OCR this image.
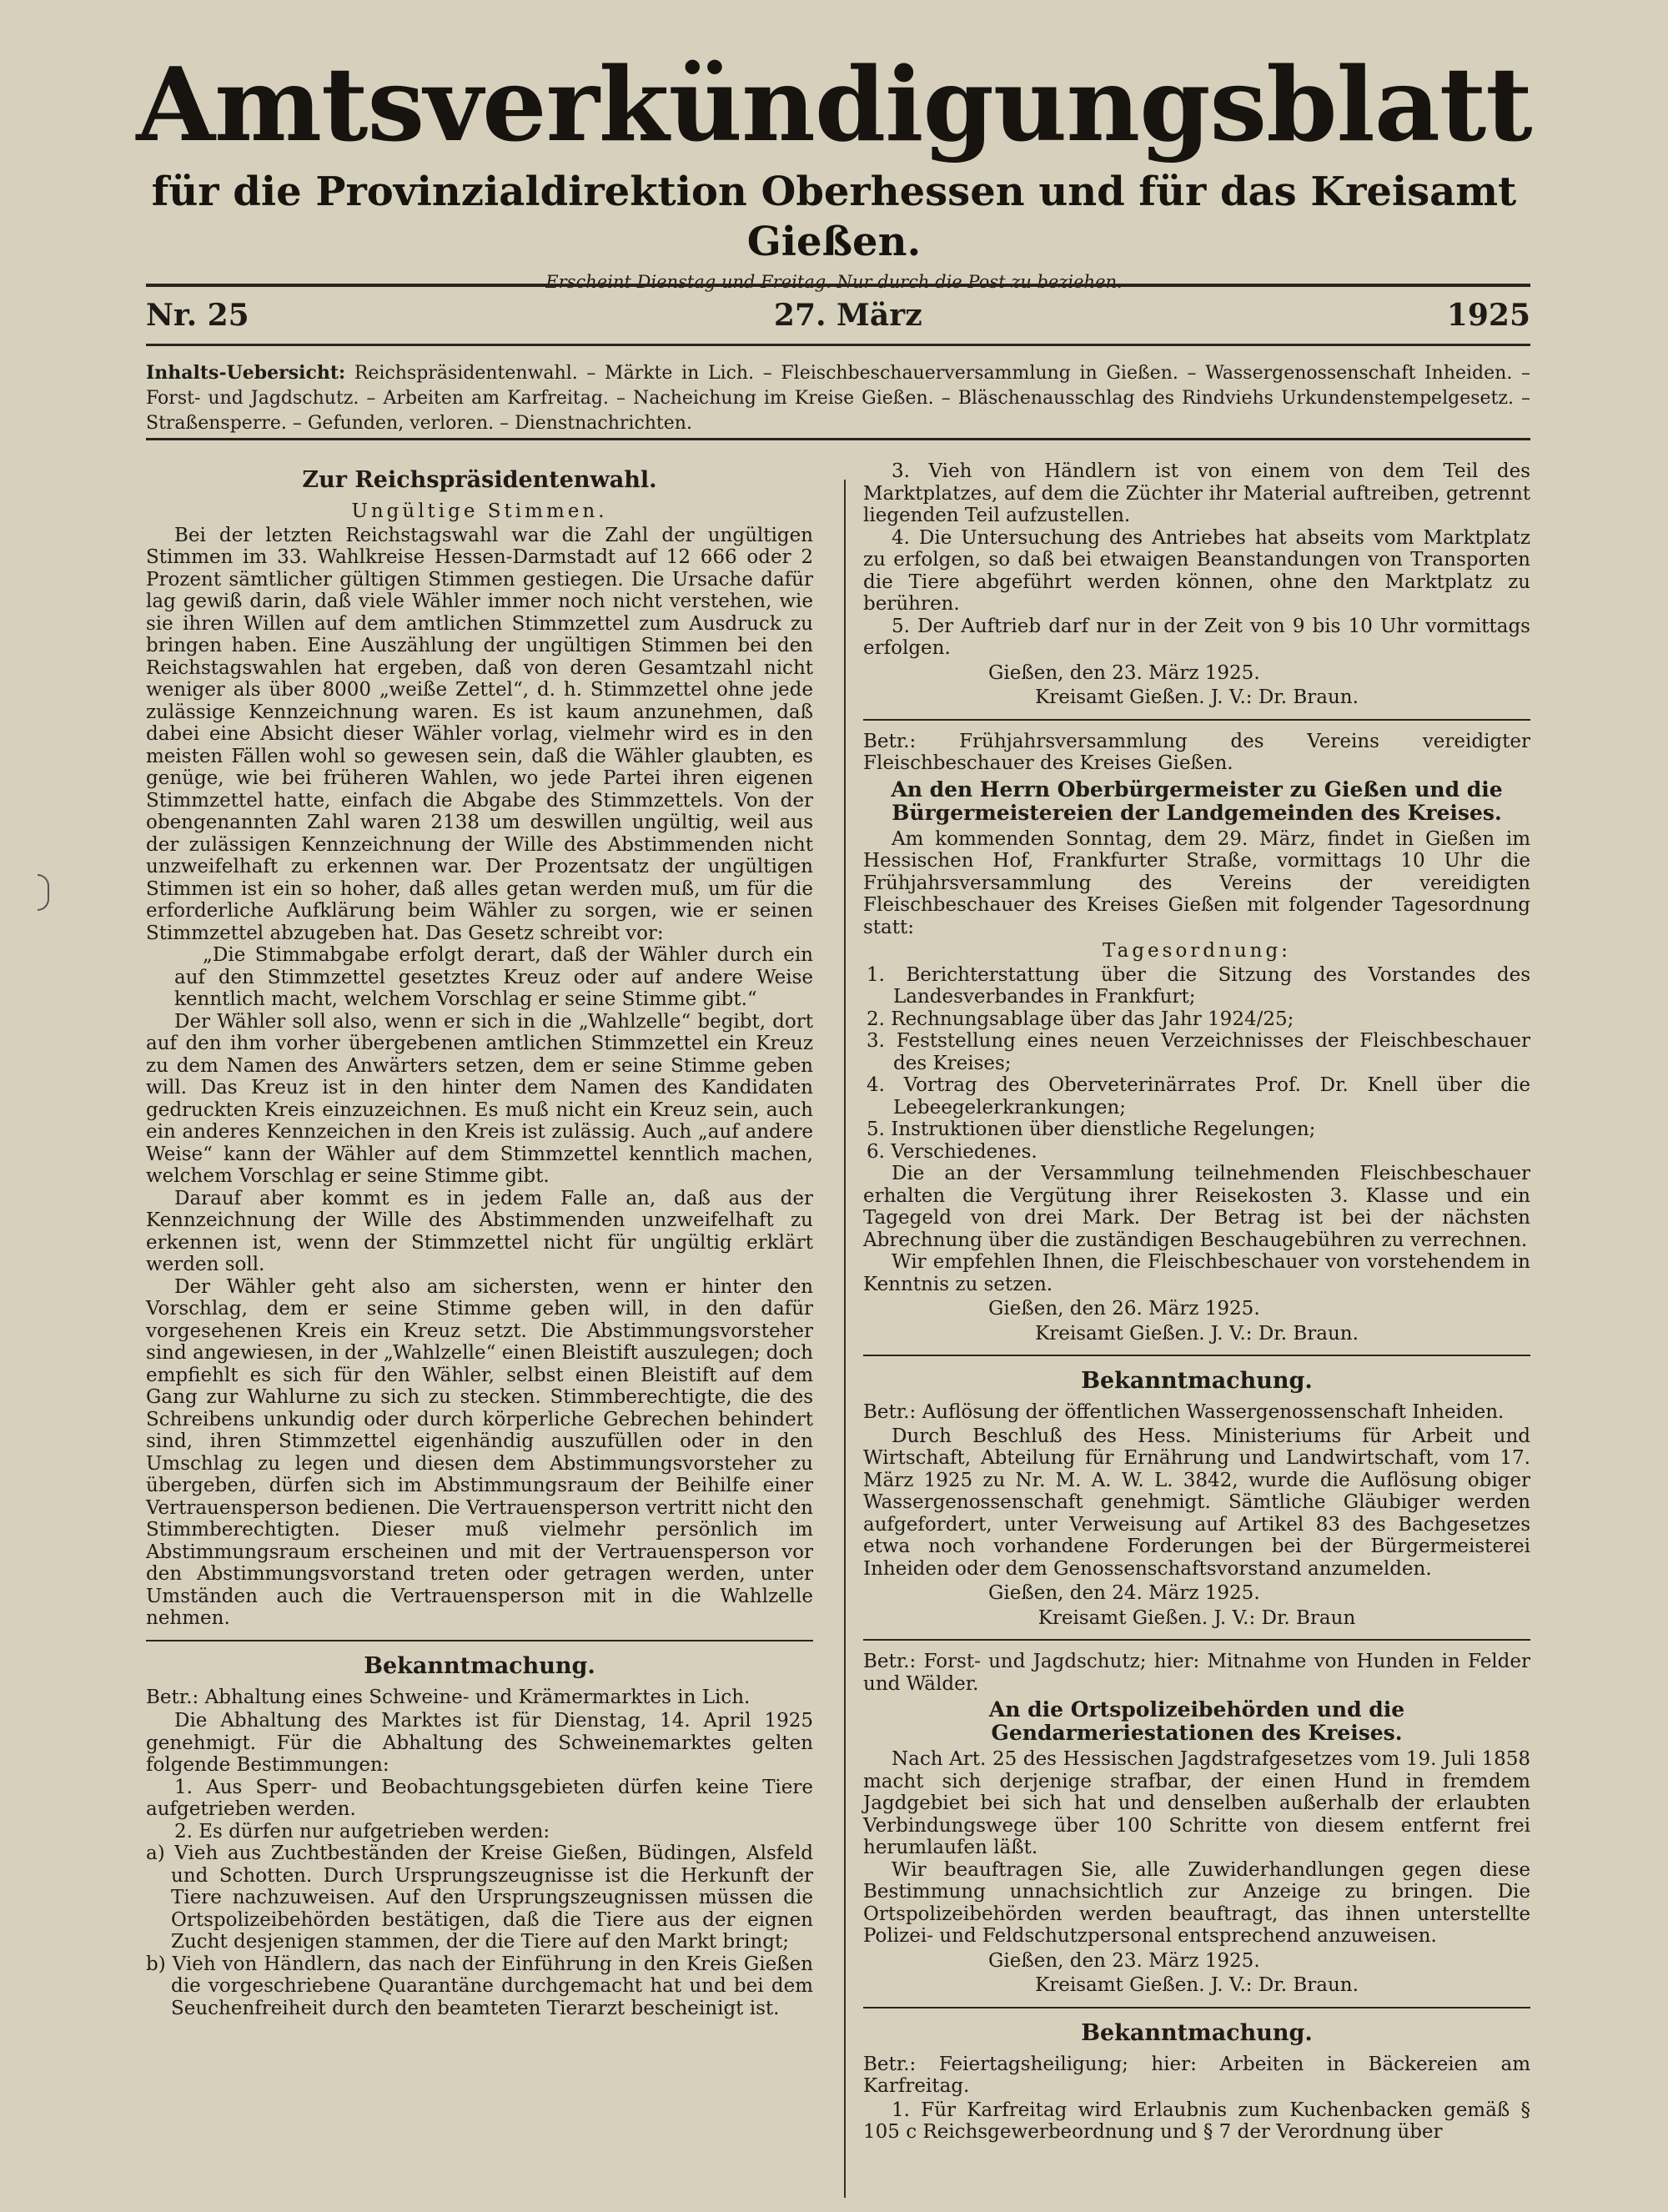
Amtsverkündigungsblatt
für die Provinzialdirektion Oberhessen und für das Kreisamt Gießen.
Erscheint Dienstag und Freitag. Nur durch die Post zu beziehen.
Nr. 25	27. März	1925
Inhalts-Uebersicht: Reichspräsidentenwahl. – Märkte in Lich. – Fleischbeschauerversammlung in Gießen. – Wassergenossenschaft Inheiden. – Forst- und Jagdschutz. – Arbeiten am Karfreitag. – Nacheichung im Kreise Gießen. – Bläschenausschlag des Rindviehs Urkundenstempelgesetz. – Straßensperre. – Gefunden, verloren. – Dienstnachrichten.
Zur Reichspräsidentenwahl.
Ungültige Stimmen.

Bei der letzten Reichstagswahl war die Zahl der ungültigen Stimmen im 33. Wahlkreise Hessen-Darmstadt auf 12 666 oder 2 Prozent sämtlicher gültigen Stimmen gestiegen. Die Ursache dafür lag gewiß darin, daß viele Wähler immer noch nicht verstehen, wie sie ihren Willen auf dem amtlichen Stimmzettel zum Ausdruck zu bringen haben. Eine Auszählung der ungültigen Stimmen bei den Reichstagswahlen hat ergeben, daß von deren Gesamtzahl nicht weniger als über 8000 „weiße Zettel“, d. h. Stimmzettel ohne jede zulässige Kennzeichnung waren. Es ist kaum anzunehmen, daß dabei eine Absicht dieser Wähler vorlag, vielmehr wird es in den meisten Fällen wohl so gewesen sein, daß die Wähler glaubten, es genüge, wie bei früheren Wahlen, wo jede Partei ihren eigenen Stimmzettel hatte, einfach die Abgabe des Stimmzettels. Von der obengenannten Zahl waren 2138 um deswillen ungültig, weil aus der zulässigen Kennzeichnung der Wille des Abstimmenden nicht unzweifelhaft zu erkennen war. Der Prozentsatz der ungültigen Stimmen ist ein so hoher, daß alles getan werden muß, um für die erforderliche Aufklärung beim Wähler zu sorgen, wie er seinen Stimmzettel abzugeben hat. Das Gesetz schreibt vor:

„Die Stimmabgabe erfolgt derart, daß der Wähler durch ein auf den Stimmzettel gesetztes Kreuz oder auf andere Weise kenntlich macht, welchem Vorschlag er seine Stimme gibt.“

Der Wähler soll also, wenn er sich in die „Wahlzelle“ begibt, dort auf den ihm vorher übergebenen amtlichen Stimmzettel ein Kreuz zu dem Namen des Anwärters setzen, dem er seine Stimme geben will. Das Kreuz ist in den hinter dem Namen des Kandidaten gedruckten Kreis einzuzeichnen. Es muß nicht ein Kreuz sein, auch ein anderes Kennzeichen in den Kreis ist zulässig. Auch „auf andere Weise“ kann der Wähler auf dem Stimmzettel kenntlich machen, welchem Vorschlag er seine Stimme gibt.

Darauf aber kommt es in jedem Falle an, daß aus der Kennzeichnung der Wille des Abstimmenden unzweifelhaft zu erkennen ist, wenn der Stimmzettel nicht für ungültig erklärt werden soll.

Der Wähler geht also am sichersten, wenn er hinter den Vorschlag, dem er seine Stimme geben will, in den dafür vorgesehenen Kreis ein Kreuz setzt. Die Abstimmungsvorsteher sind angewiesen, in der „Wahlzelle“ einen Bleistift auszulegen; doch empfiehlt es sich für den Wähler, selbst einen Bleistift auf dem Gang zur Wahlurne zu sich zu stecken. Stimmberechtigte, die des Schreibens unkundig oder durch körperliche Gebrechen behindert sind, ihren Stimmzettel eigenhändig auszufüllen oder in den Umschlag zu legen und diesen dem Abstimmungsvorsteher zu übergeben, dürfen sich im Abstimmungsraum der Beihilfe einer Vertrauensperson bedienen. Die Vertrauensperson vertritt nicht den Stimmberechtigten. Dieser muß vielmehr persönlich im Abstimmungsraum erscheinen und mit der Vertrauensperson vor den Abstimmungsvorstand treten oder getragen werden, unter Umständen auch die Vertrauensperson mit in die Wahlzelle nehmen.

Bekanntmachung.
Betr.: Abhaltung eines Schweine- und Krämermarktes in Lich.

Die Abhaltung des Marktes ist für Dienstag, 14. April 1925 genehmigt. Für die Abhaltung des Schweinemarktes gelten folgende Bestimmungen:

1. Aus Sperr- und Beobachtungsgebieten dürfen keine Tiere aufgetrieben werden.

2. Es dürfen nur aufgetrieben werden:

a) Vieh aus Zuchtbeständen der Kreise Gießen, Büdingen, Alsfeld und Schotten. Durch Ursprungszeugnisse ist die Herkunft der Tiere nachzuweisen. Auf den Ursprungszeugnissen müssen die Ortspolizeibehörden bestätigen, daß die Tiere aus der eignen Zucht desjenigen stammen, der die Tiere auf den Markt bringt;
b) Vieh von Händlern, das nach der Einführung in den Kreis Gießen die vorgeschriebene Quarantäne durchgemacht hat und bei dem Seuchenfreiheit durch den beamteten Tierarzt bescheinigt ist.

3. Vieh von Händlern ist von einem von dem Teil des Marktplatzes, auf dem die Züchter ihr Material auftreiben, getrennt liegenden Teil aufzustellen.

4. Die Untersuchung des Antriebes hat abseits vom Marktplatz zu erfolgen, so daß bei etwaigen Beanstandungen von Transporten die Tiere abgeführt werden können, ohne den Marktplatz zu berühren.

5. Der Auftrieb darf nur in der Zeit von 9 bis 10 Uhr vormittags erfolgen.

Gießen, den 23. März 1925.
Kreisamt Gießen. J. V.: Dr. Braun.
Betr.: Frühjahrsversammlung des Vereins vereidigter Fleischbeschauer des Kreises Gießen.
An den Herrn Oberbürgermeister zu Gießen und die Bürgermeistereien der Landgemeinden des Kreises.

Am kommenden Sonntag, dem 29. März, findet in Gießen im Hessischen Hof, Frankfurter Straße, vormittags 10 Uhr die Frühjahrsversammlung des Vereins der vereidigten Fleischbeschauer des Kreises Gießen mit folgender Tagesordnung statt:

Tagesordnung:
1. Berichterstattung über die Sitzung des Vorstandes des Landesverbandes in Frankfurt;
2. Rechnungsablage über das Jahr 1924/25;
3. Feststellung eines neuen Verzeichnisses der Fleischbeschauer des Kreises;
4. Vortrag des Oberveterinärrates Prof. Dr. Knell über die Lebeegelerkrankungen;
5. Instruktionen über dienstliche Regelungen;
6. Verschiedenes.

Die an der Versammlung teilnehmenden Fleischbeschauer erhalten die Vergütung ihrer Reisekosten 3. Klasse und ein Tagegeld von drei Mark. Der Betrag ist bei der nächsten Abrechnung über die zuständigen Beschaugebühren zu verrechnen.

Wir empfehlen Ihnen, die Fleischbeschauer von vorstehendem in Kenntnis zu setzen.

Gießen, den 26. März 1925.
Kreisamt Gießen. J. V.: Dr. Braun.
Bekanntmachung.
Betr.: Auflösung der öffentlichen Wassergenossenschaft Inheiden.

Durch Beschluß des Hess. Ministeriums für Arbeit und Wirtschaft, Abteilung für Ernährung und Landwirtschaft, vom 17. März 1925 zu Nr. M. A. W. L. 3842, wurde die Auflösung obiger Wassergenossenschaft genehmigt. Sämtliche Gläubiger werden aufgefordert, unter Verweisung auf Artikel 83 des Bachgesetzes etwa noch vorhandene Forderungen bei der Bürgermeisterei Inheiden oder dem Genossenschaftsvorstand anzumelden.

Gießen, den 24. März 1925.
Kreisamt Gießen. J. V.: Dr. Braun
Betr.: Forst- und Jagdschutz; hier: Mitnahme von Hunden in Felder und Wälder.
An die Ortspolizeibehörden und die Gendarmeriestationen des Kreises.

Nach Art. 25 des Hessischen Jagdstrafgesetzes vom 19. Juli 1858 macht sich derjenige strafbar, der einen Hund in fremdem Jagdgebiet bei sich hat und denselben außerhalb der erlaubten Verbindungswege über 100 Schritte von diesem entfernt frei herumlaufen läßt.

Wir beauftragen Sie, alle Zuwiderhandlungen gegen diese Bestimmung unnachsichtlich zur Anzeige zu bringen. Die Ortspolizeibehörden werden beauftragt, das ihnen unterstellte Polizei- und Feldschutzpersonal entsprechend anzuweisen.

Gießen, den 23. März 1925.
Kreisamt Gießen. J. V.: Dr. Braun.
Bekanntmachung.
Betr.: Feiertagsheiligung; hier: Arbeiten in Bäckereien am Karfreitag.

1. Für Karfreitag wird Erlaubnis zum Kuchenbacken gemäß § 105 c Reichsgewerbeordnung und § 7 der Verordnung über
